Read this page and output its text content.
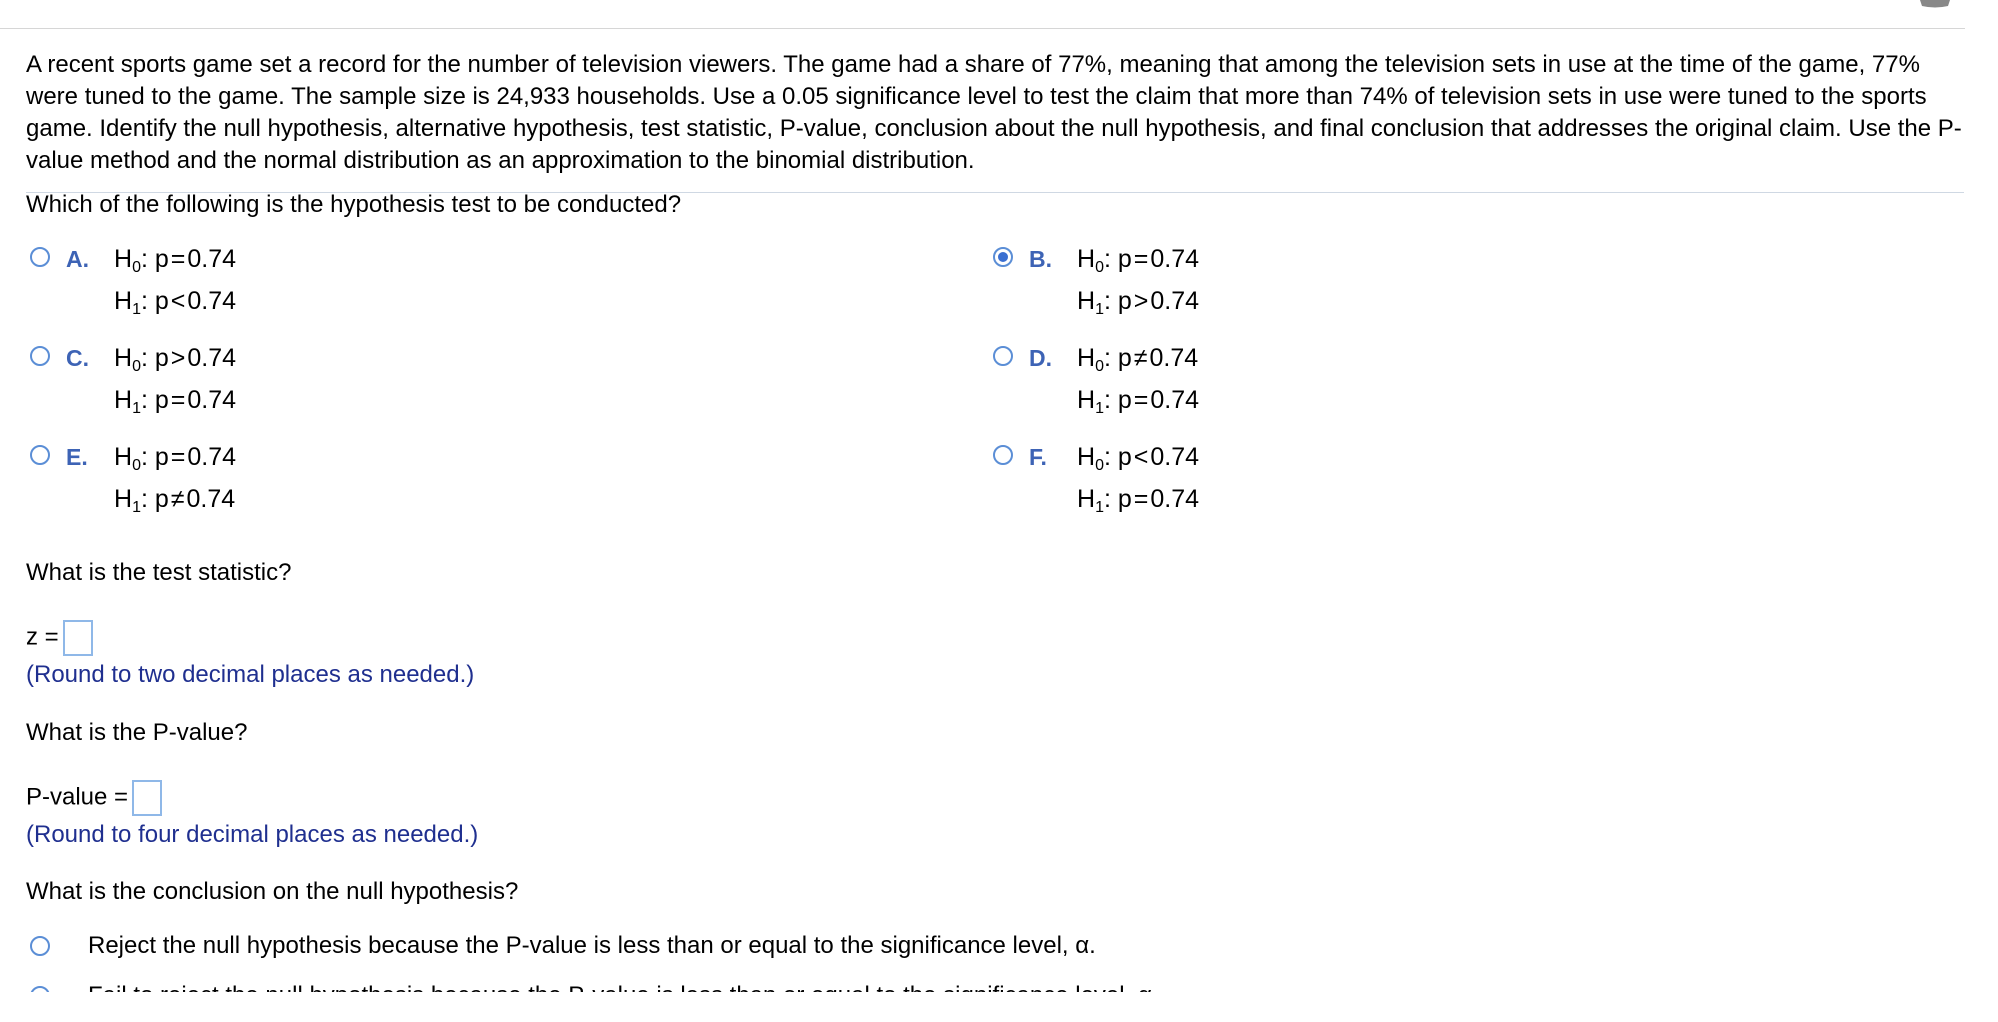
A recent sports game set a record for the number of television viewers. The game had a share of 77%, meaning that among the television sets in use at the time of the game, 77% were tuned to the game. The sample size is 24,933 households. Use a 0.05 significance level to test the claim that more than 74% of television sets in use were tuned to the sports game. Identify the null hypothesis, alternative hypothesis, test statistic, P-value, conclusion about the null hypothesis, and final conclusion that addresses the original claim. Use the P-value method and the normal distribution as an approximation to the binomial distribution.

Which of the following is the hypothesis test to be conducted?

A. $H_0$: p=0.74
$H_1$: p<0.74
B. $H_0$: p=0.74
$H_1$: p>0.74
C. $H_0$: p>0.74
$H_1$: p=0.74
D. $H_0$: p≠0.74
$H_1$: p=0.74
E. $H_0$: p=0.74
$H_1$: p≠0.74
F. $H_0$: p<0.74
$H_1$: p=0.74

What is the test statistic?

z =

(Round to two decimal places as needed.)

What is the P-value?

P-value =

(Round to four decimal places as needed.)

What is the conclusion on the null hypothesis?

Reject the null hypothesis because the P-value is less than or equal to the significance level, α.
